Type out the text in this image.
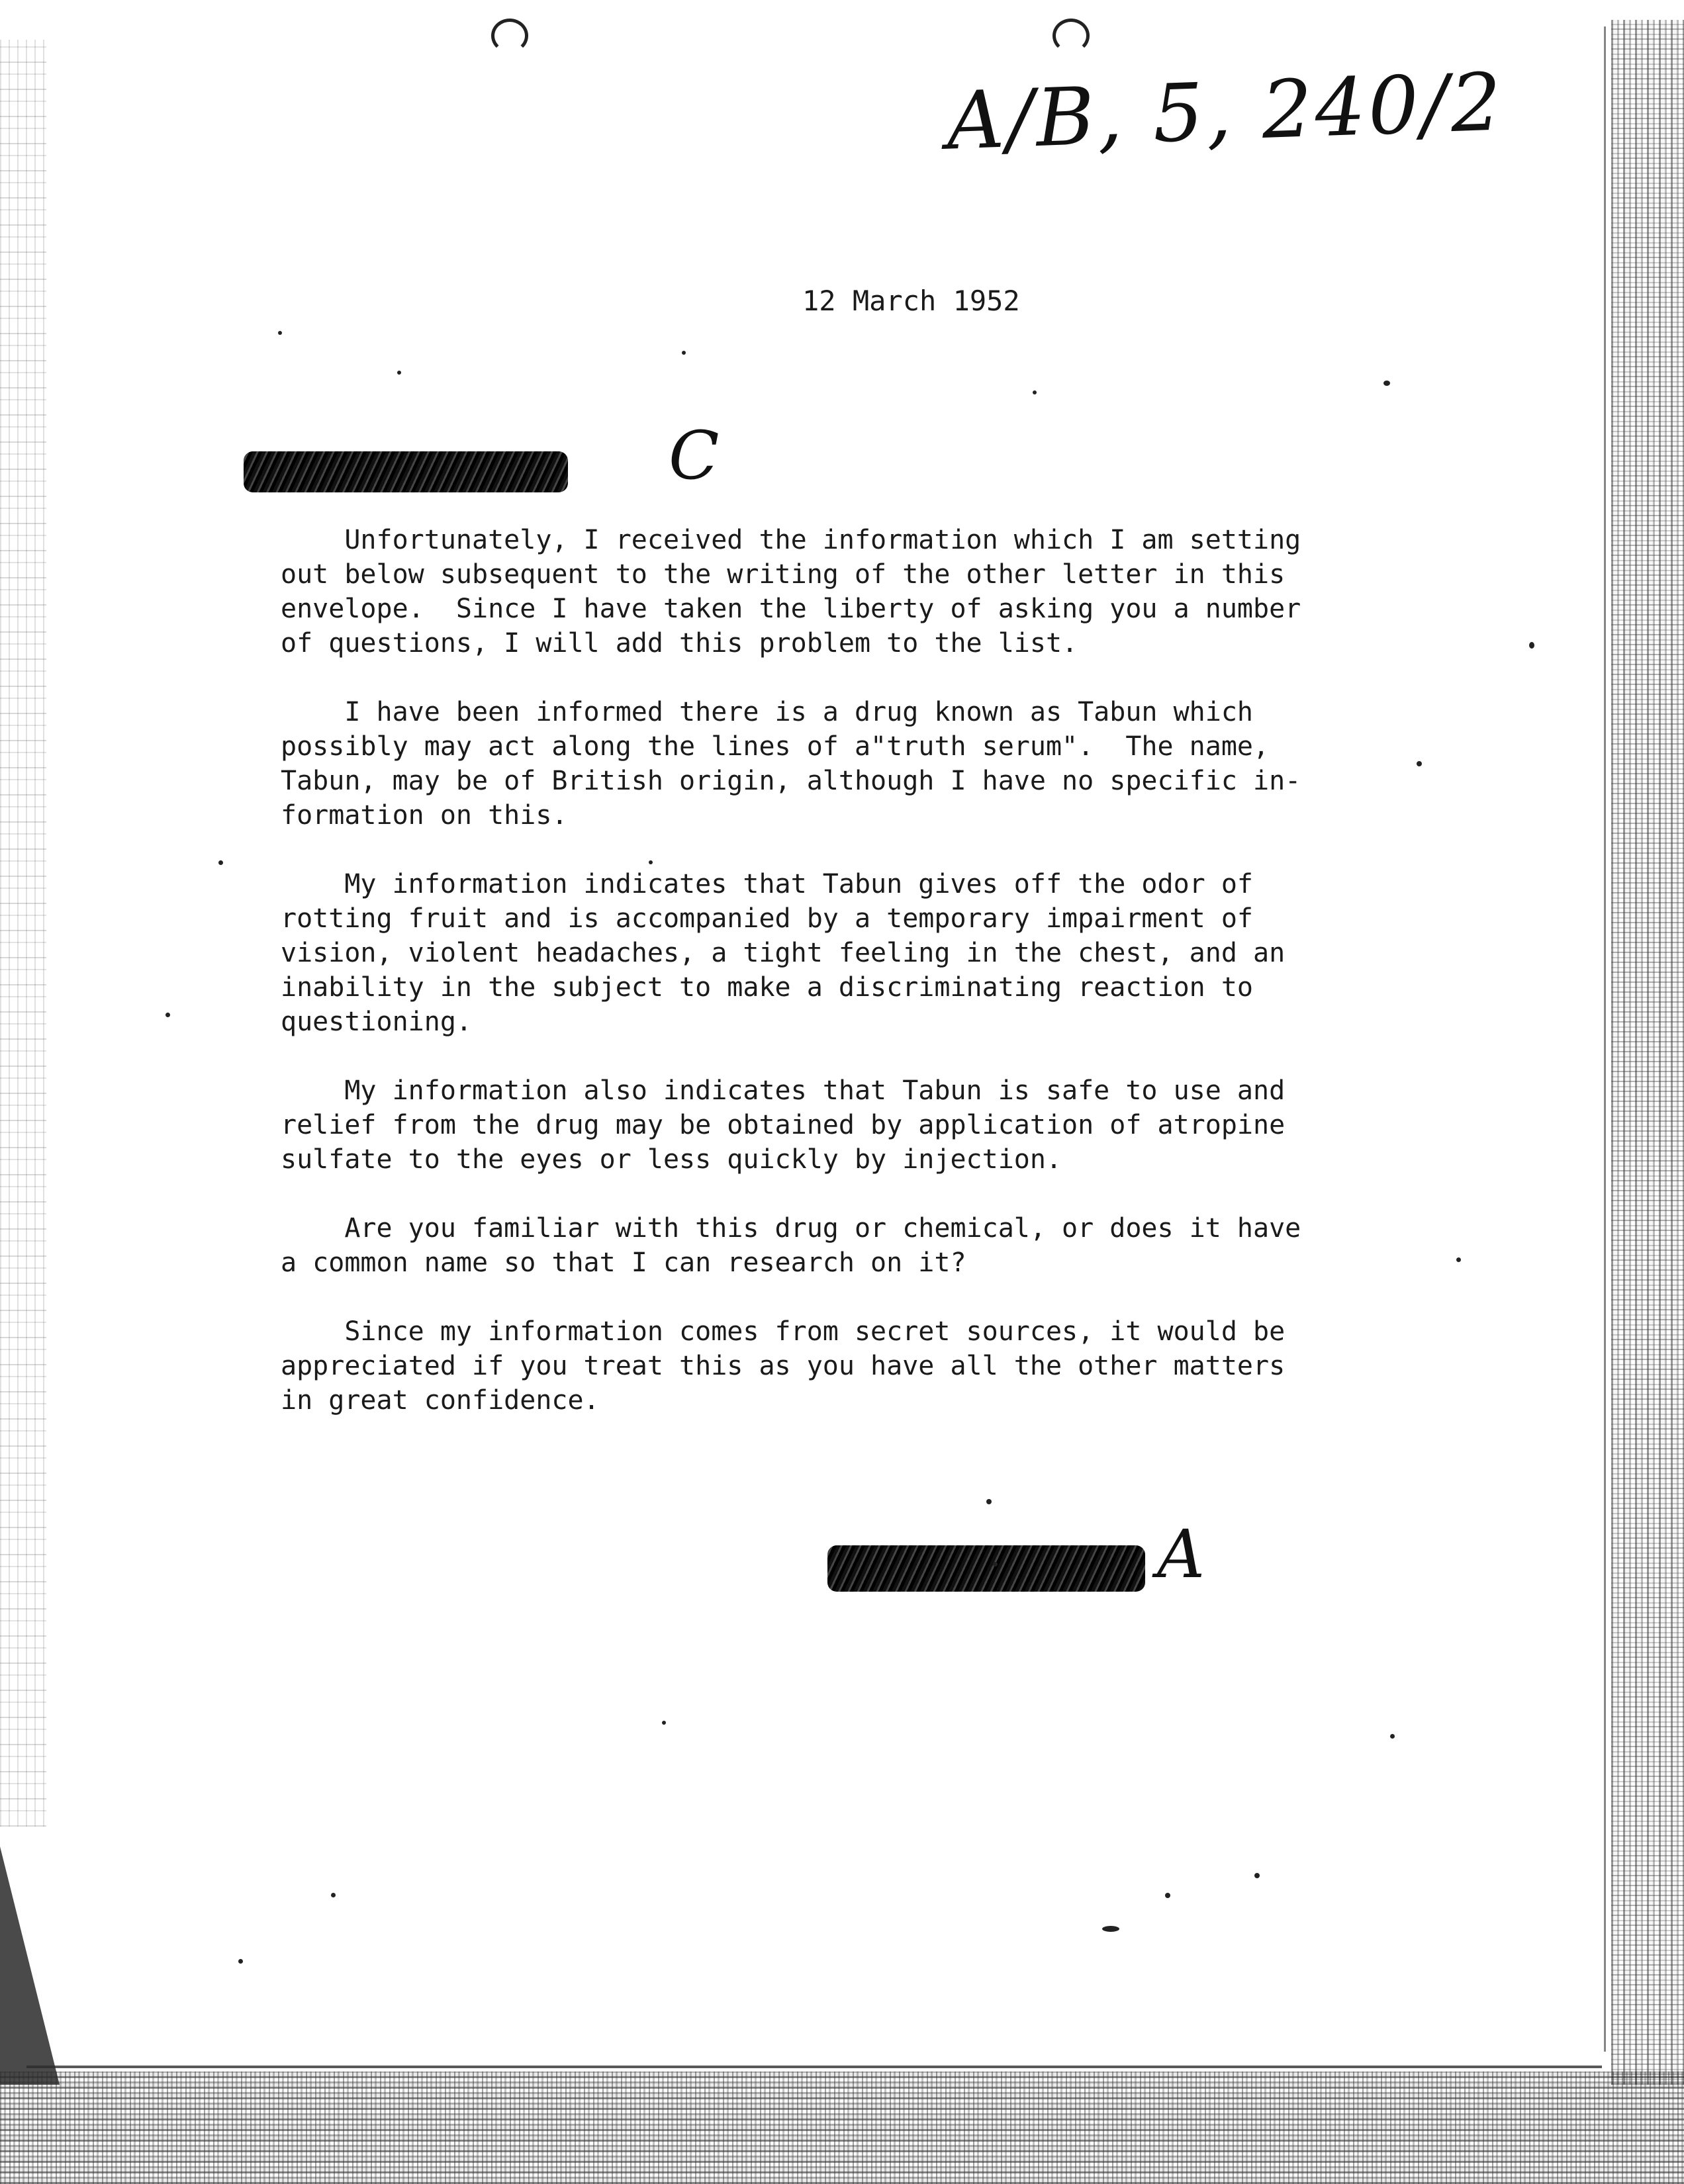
A/B, 5, 240/2
12 March 1952
C

Unfortunately, I received the information which I am setting
out below subsequent to the writing of the other letter in this
envelope.  Since I have taken the liberty of asking you a number
of questions, I will add this problem to the list.

I have been informed there is a drug known as Tabun which
possibly may act along the lines of a"truth serum".  The name,
Tabun, may be of British origin, although I have no specific in-
formation on this.

My information indicates that Tabun gives off the odor of
rotting fruit and is accompanied by a temporary impairment of
vision, violent headaches, a tight feeling in the chest, and an
inability in the subject to make a discriminating reaction to
questioning.

My information also indicates that Tabun is safe to use and
relief from the drug may be obtained by application of atropine
sulfate to the eyes or less quickly by injection.

Are you familiar with this drug or chemical, or does it have
a common name so that I can research on it?

Since my information comes from secret sources, it would be
appreciated if you treat this as you have all the other matters
in great confidence.

A
